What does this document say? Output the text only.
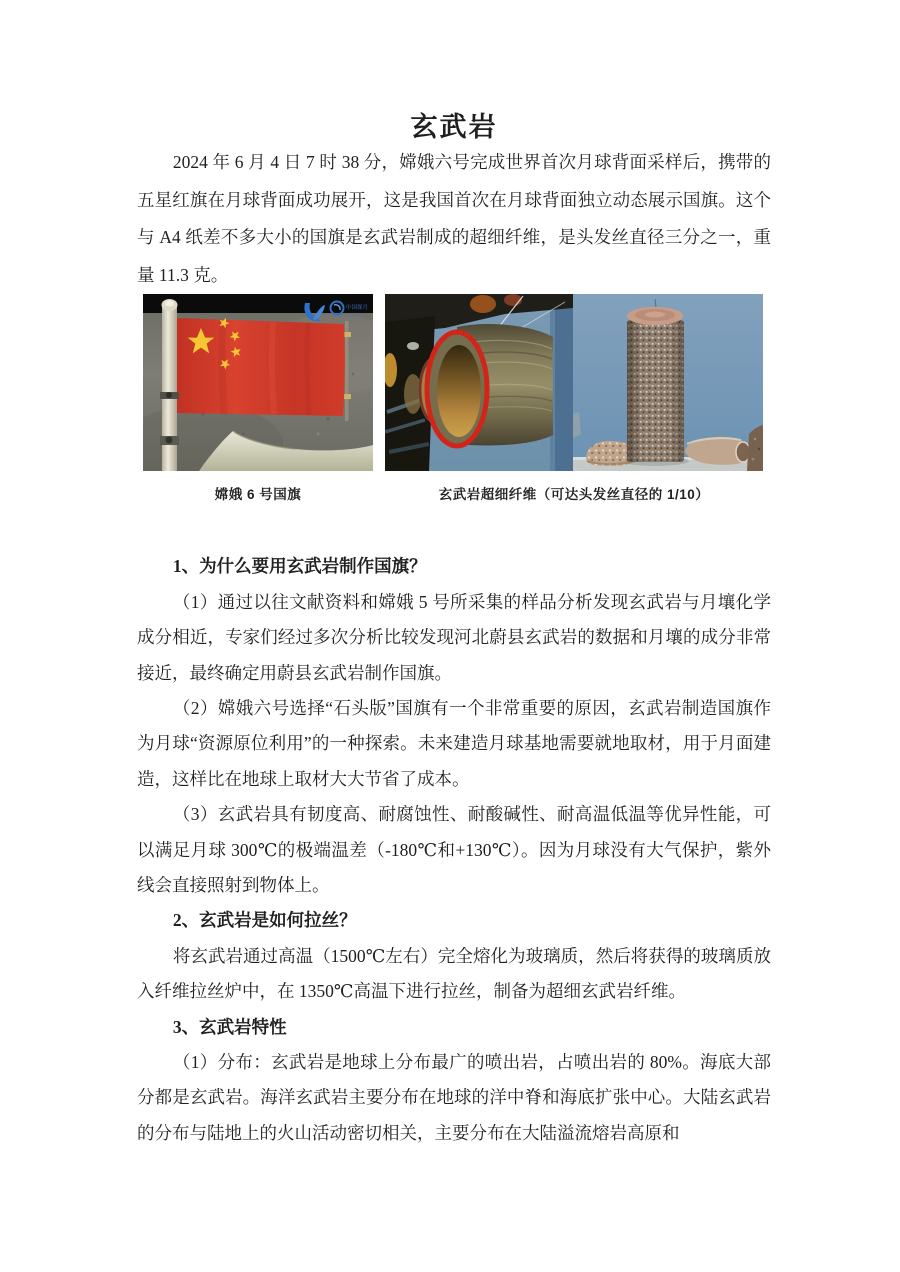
玄武岩

2024 年 6 月 4 日 7 时 38 分，嫦娥六号完成世界首次月球背面采样后，携带的五星红旗在月球背面成功展开，这是我国首次在月球背面独立动态展示国旗。这个与 A4 纸差不多大小的国旗是玄武岩制成的超细纤维，是头发丝直径三分之一，重量 11.3 克。

中国探月
C L E P
嫦娥 6 号国旗	玄武岩超细纤维（可达头发丝直径的 1/10）

1、为什么要用玄武岩制作国旗？

（1）通过以往文献资料和嫦娥 5 号所采集的样品分析发现玄武岩与月壤化学成分相近，专家们经过多次分析比较发现河北蔚县玄武岩的数据和月壤的成分非常接近，最终确定用蔚县玄武岩制作国旗。

（2）嫦娥六号选择“石头版”国旗有一个非常重要的原因，玄武岩制造国旗作为月球“资源原位利用”的一种探索。未来建造月球基地需要就地取材，用于月面建造，这样比在地球上取材大大节省了成本。

（3）玄武岩具有韧度高、耐腐蚀性、耐酸碱性、耐高温低温等优异性能，可以满足月球 300℃的极端温差（-180℃和+130℃）。因为月球没有大气保护，紫外线会直接照射到物体上。

2、玄武岩是如何拉丝？

将玄武岩通过高温（1500℃左右）完全熔化为玻璃质，然后将获得的玻璃质放入纤维拉丝炉中，在 1350℃高温下进行拉丝，制备为超细玄武岩纤维。

3、玄武岩特性

（1）分布：玄武岩是地球上分布最广的喷出岩，占喷出岩的 80%。海底大部分都是玄武岩。海洋玄武岩主要分布在地球的洋中脊和海底扩张中心。大陆玄武岩的分布与陆地上的火山活动密切相关，主要分布在大陆溢流熔岩高原和
